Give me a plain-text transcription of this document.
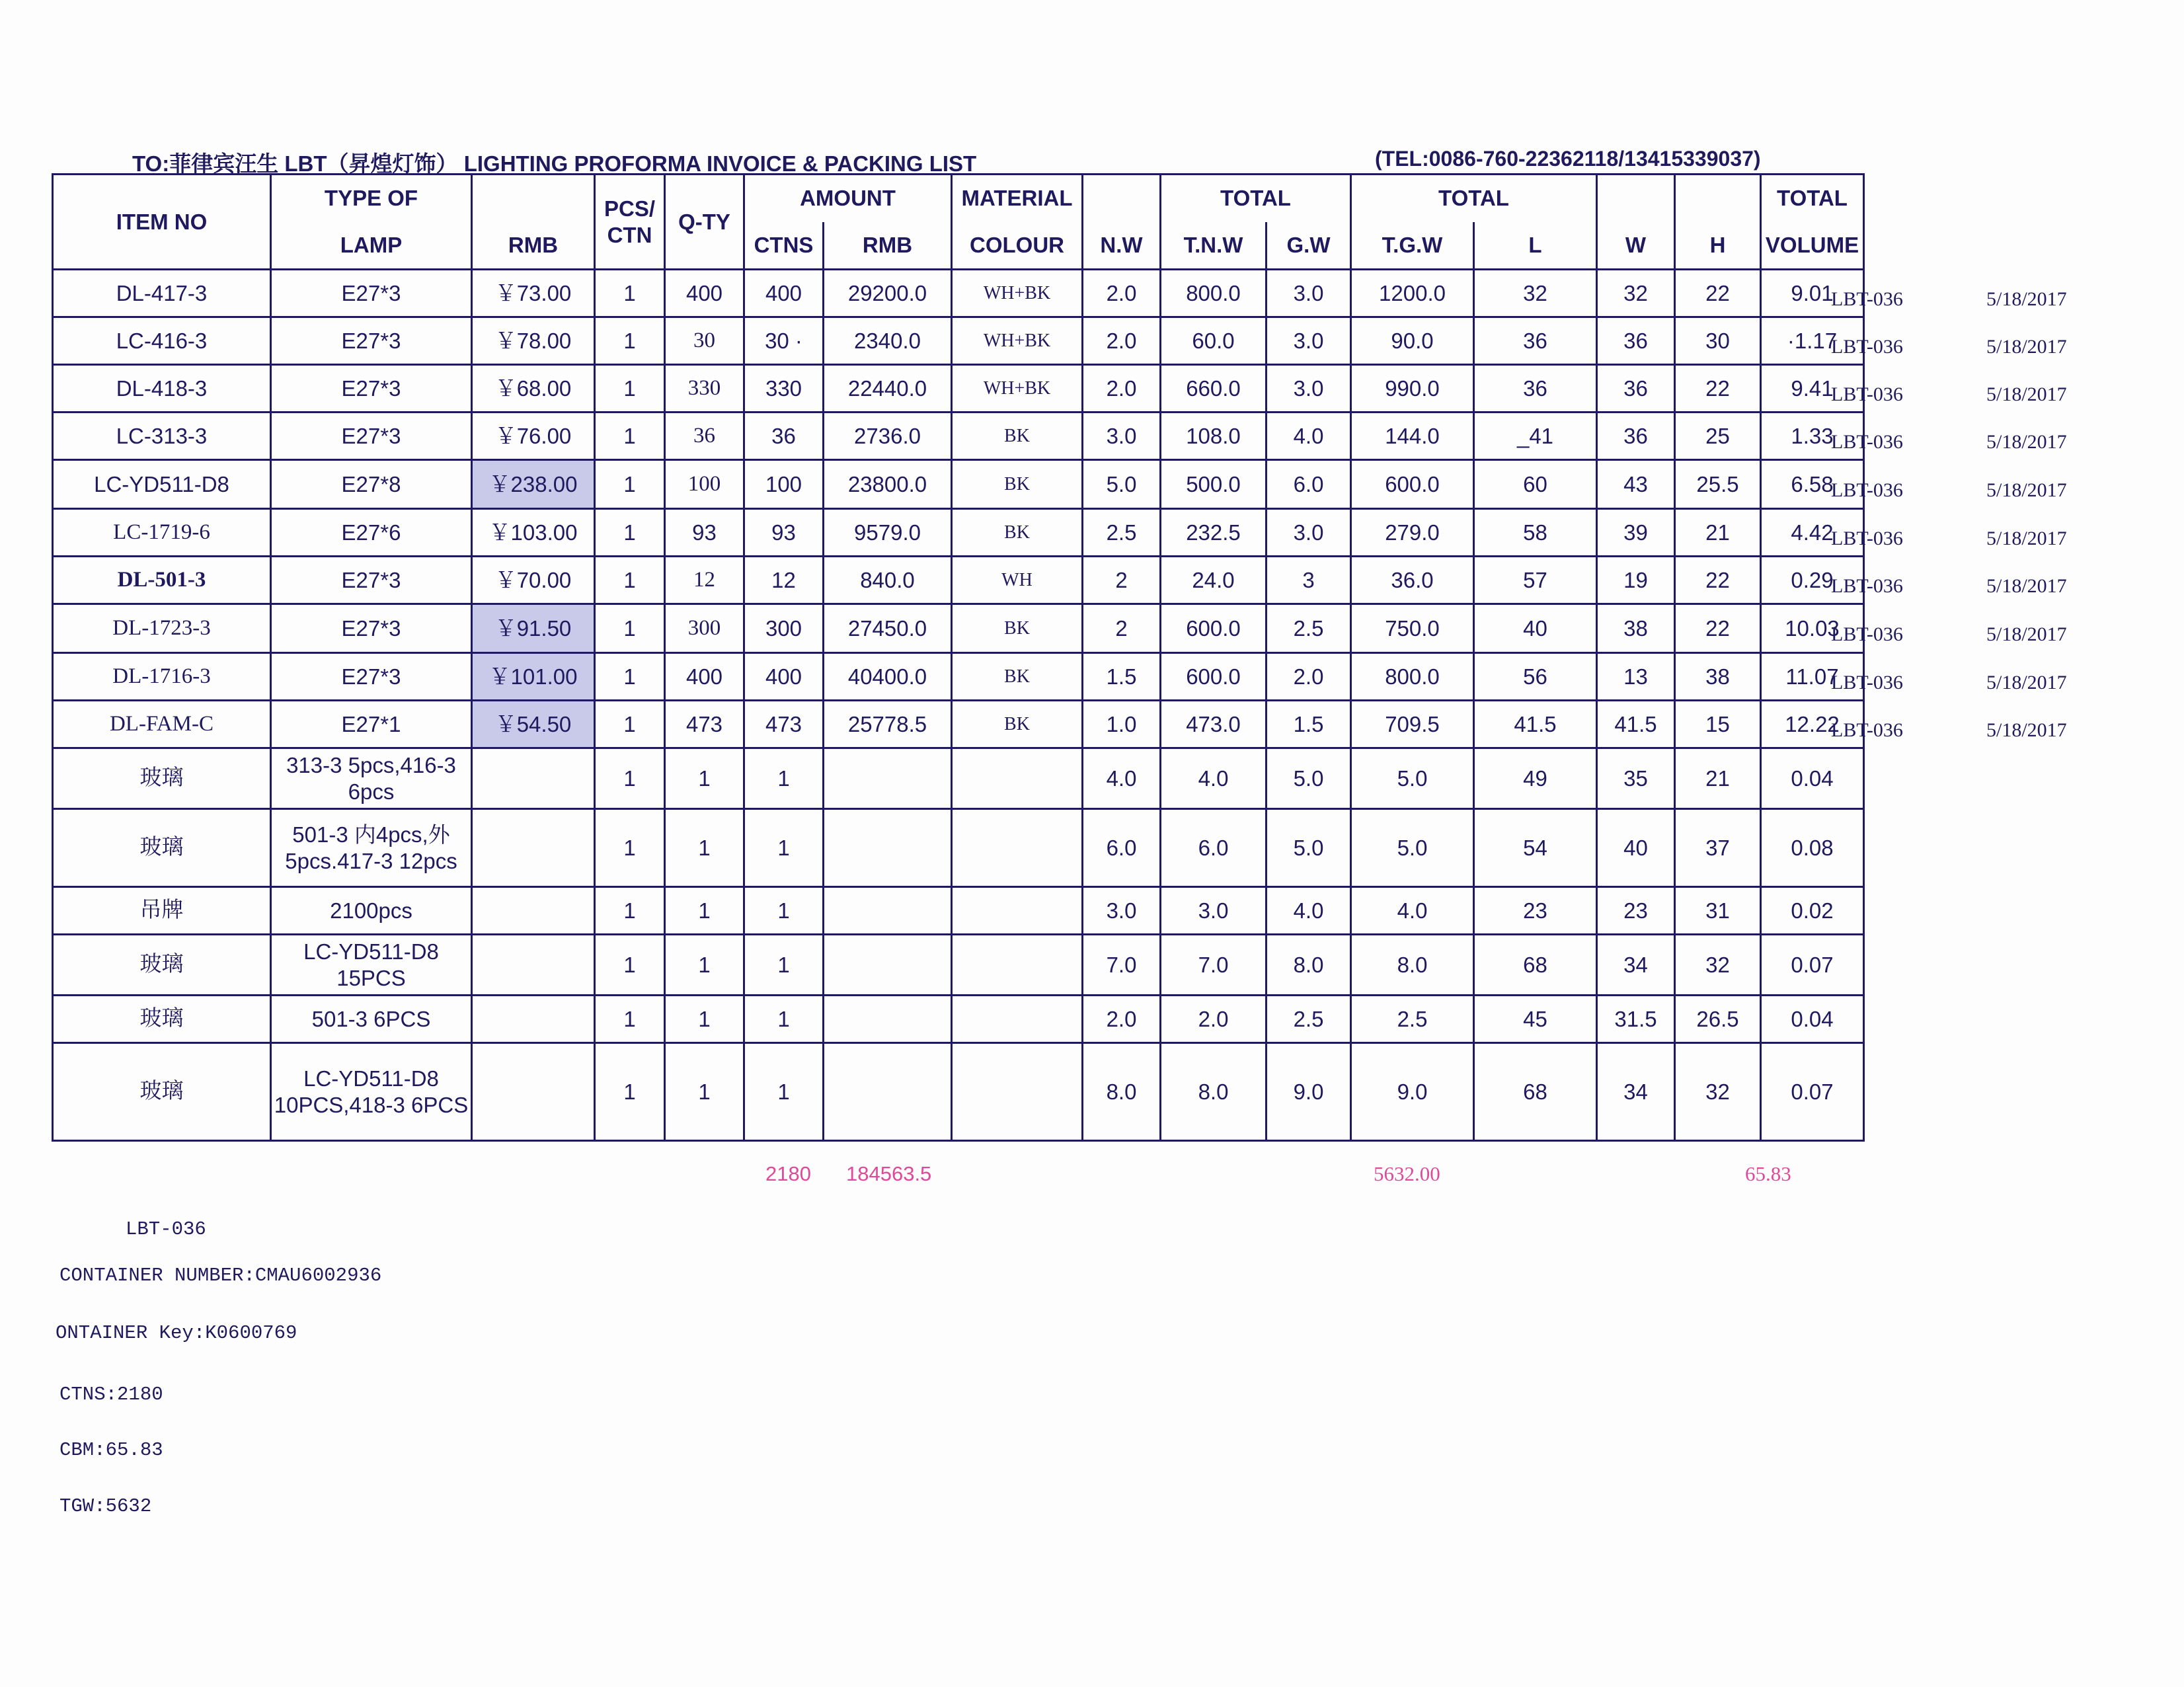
TO:菲律宾汪生 LBT（昇煌灯饰） LIGHTING PROFORMA INVOICE & PACKING LIST	(TEL:0086-760-22362118/13415339037)
ITEM NO	TYPE OF		PCS/ CTN	Q-TY	AMOUNT		MATERIAL		TOTAL		TOTAL				TOTAL
	LAMP	RMB			CTNS	RMB	COLOUR	N.W	T.N.W	G.W	T.G.W	L	W	H	VOLUME
DL-417-3	E27*3	￥73.00	1	400	400	29200.0	WH+BK	2.0	800.0	3.0	1200.0	32	32	22	9.01
LC-416-3	E27*3	￥78.00	1	30	30 ·	2340.0	WH+BK	2.0	60.0	3.0	90.0	36	36	30	·1.17
DL-418-3	E27*3	￥68.00	1	330	330	22440.0	WH+BK	2.0	660.0	3.0	990.0	36	36	22	9.41
LC-313-3	E27*3	￥76.00	1	36	36	2736.0	BK	3.0	108.0	4.0	144.0	_41	36	25	1.33
LC-YD511-D8	E27*8	￥238.00	1	100	100	23800.0	BK	5.0	500.0	6.0	600.0	60	43	25.5	6.58
LC-1719-6	E27*6	￥103.00	1	93	93	9579.0	BK	2.5	232.5	3.0	279.0	58	39	21	4.42
DL-501-3	E27*3	￥70.00	1	12	12	840.0	WH	2	24.0	3	36.0	57	19	22	0.29
DL-1723-3	E27*3	￥91.50	1	300	300	27450.0	BK	2	600.0	2.5	750.0	40	38	22	10.03
DL-1716-3	E27*3	￥101.00	1	400	400	40400.0	BK	1.5	600.0	2.0	800.0	56	13	38	11.07
DL-FAM-C	E27*1	￥54.50	1	473	473	25778.5	BK	1.0	473.0	1.5	709.5	41.5	41.5	15	12.22
玻璃	313-3 5pcs,416-3 6pcs		1	1	1			4.0	4.0	5.0	5.0	49	35	21	0.04
玻璃	501-3 内4pcs,外5pcs.417-3 12pcs		1	1	1			6.0	6.0	5.0	5.0	54	40	37	0.08
吊牌	2100pcs		1	1	1			3.0	3.0	4.0	4.0	23	23	31	0.02
玻璃	LC-YD511-D8 15PCS		1	1	1			7.0	7.0	8.0	8.0	68	34	32	0.07
玻璃	501-3 6PCS		1	1	1			2.0	2.0	2.5	2.5	45	31.5	26.5	0.04
玻璃	LC-YD511-D8 10PCS,418-3 6PCS		1	1	1			8.0	8.0	9.0	9.0	68	34	32	0.07
LBT-036	5/18/2017
LBT-036	5/18/2017
LBT-036	5/18/2017
LBT-036	5/18/2017
LBT-036	5/18/2017
LBT-036	5/18/2017
LBT-036	5/18/2017
LBT-036	5/18/2017
LBT-036	5/18/2017
LBT-036	5/18/2017
2180 184563.5	5632.00	65.83
LBT-036
CONTAINER NUMBER:CMAU6002936
ONTAINER Key:K0600769
CTNS:2180
CBM:65.83
TGW:5632
